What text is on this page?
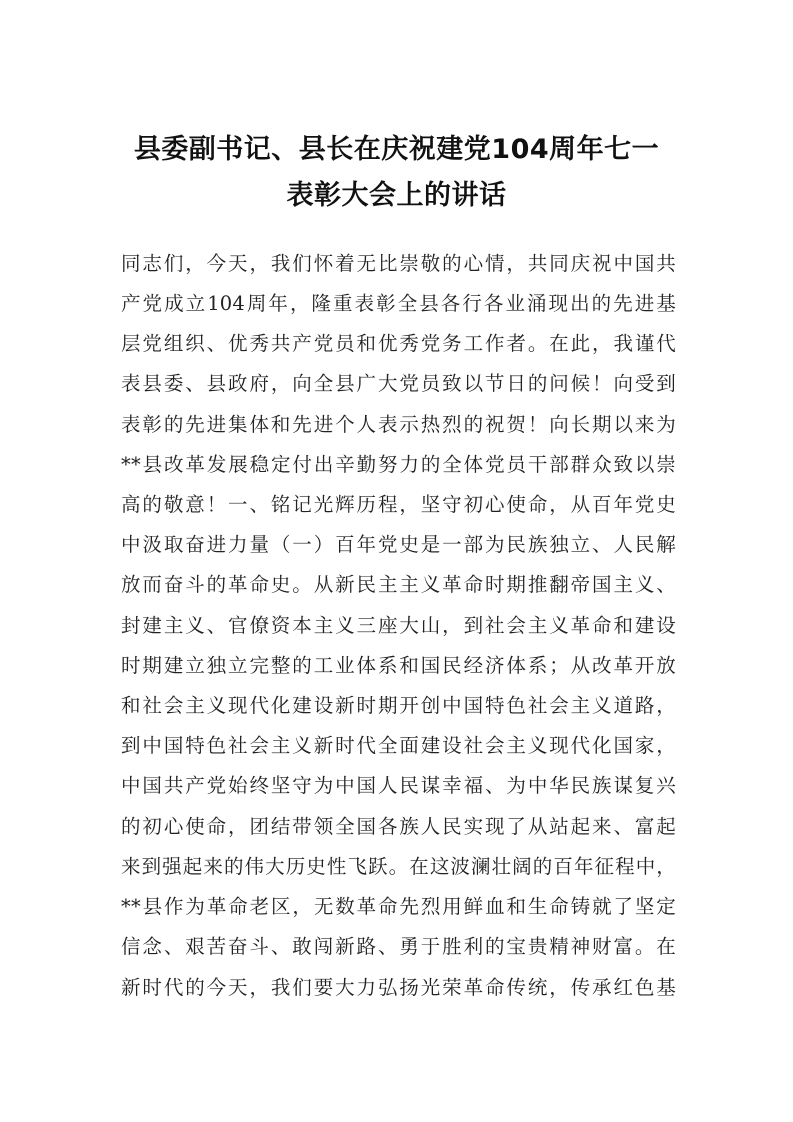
县委副书记、县长在庆祝建党104周年七一
表彰大会上的讲话
同志们，今天，我们怀着无比崇敬的心情，共同庆祝中国共
产党成立104周年，隆重表彰全县各行各业涌现出的先进基
层党组织、优秀共产党员和优秀党务工作者。在此，我谨代
表县委、县政府，向全县广大党员致以节日的问候！向受到
表彰的先进集体和先进个人表示热烈的祝贺！向长期以来为
**县改革发展稳定付出辛勤努力的全体党员干部群众致以崇
高的敬意！一、铭记光辉历程，坚守初心使命，从百年党史
中汲取奋进力量（一）百年党史是一部为民族独立、人民解
放而奋斗的革命史。从新民主主义革命时期推翻帝国主义、
封建主义、官僚资本主义三座大山，到社会主义革命和建设
时期建立独立完整的工业体系和国民经济体系；从改革开放
和社会主义现代化建设新时期开创中国特色社会主义道路，
到中国特色社会主义新时代全面建设社会主义现代化国家，
中国共产党始终坚守为中国人民谋幸福、为中华民族谋复兴
的初心使命，团结带领全国各族人民实现了从站起来、富起
来到强起来的伟大历史性飞跃。在这波澜壮阔的百年征程中，
**县作为革命老区，无数革命先烈用鲜血和生命铸就了坚定
信念、艰苦奋斗、敢闯新路、勇于胜利的宝贵精神财富。在
新时代的今天，我们要大力弘扬光荣革命传统，传承红色基
